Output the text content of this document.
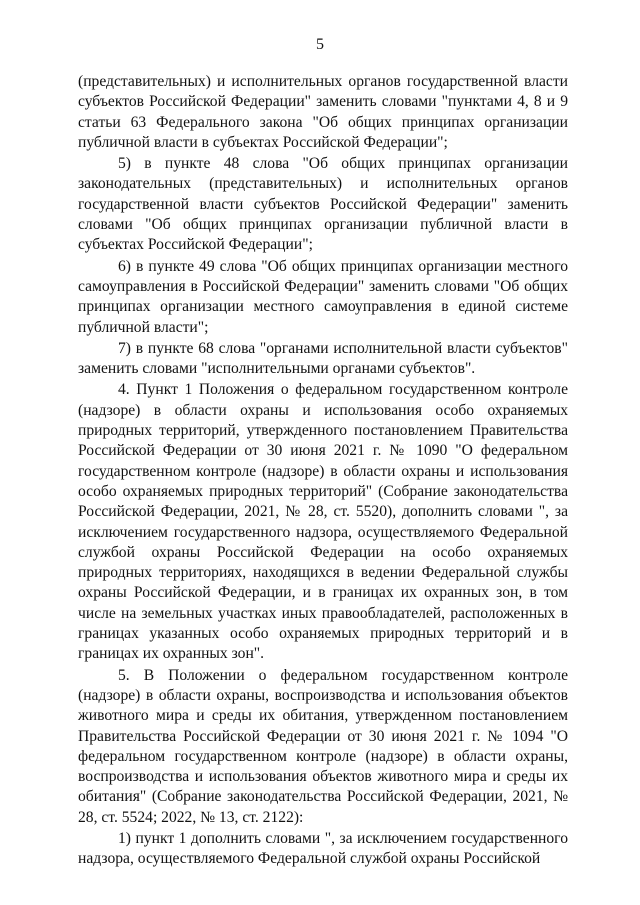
5

(представительных) и исполнительных органов государственной власти субъектов Российской Федерации" заменить словами "пунктами 4, 8 и 9 статьи 63 Федерального закона "Об общих принципах организации публичной власти в субъектах Российской Федерации";

5) в пункте 48 слова "Об общих принципах организации законодательных (представительных) и исполнительных органов государственной власти субъектов Российской Федерации" заменить словами "Об общих принципах организации публичной власти в субъектах Российской Федерации";

6) в пункте 49 слова "Об общих принципах организации местного самоуправления в Российской Федерации" заменить словами "Об общих принципах организации местного самоуправления в единой системе публичной власти";

7) в пункте 68 слова "органами исполнительной власти субъектов" заменить словами "исполнительными органами субъектов".

4. Пункт 1 Положения о федеральном государственном контроле (надзоре) в области охраны и использования особо охраняемых природных территорий, утвержденного постановлением Правительства Российской Федерации от 30 июня 2021 г. № 1090 "О федеральном государственном контроле (надзоре) в области охраны и использования особо охраняемых природных территорий" (Собрание законодательства Российской Федерации, 2021, № 28, ст. 5520), дополнить словами ", за исключением государственного надзора, осуществляемого Федеральной службой охраны Российской Федерации на особо охраняемых природных территориях, находящихся в ведении Федеральной службы охраны Российской Федерации, и в границах их охранных зон, в том числе на земельных участках иных правообладателей, расположенных в границах указанных особо охраняемых природных территорий и в границах их охранных зон".

5. В Положении о федеральном государственном контроле (надзоре) в области охраны, воспроизводства и использования объектов животного мира и среды их обитания, утвержденном постановлением Правительства Российской Федерации от 30 июня 2021 г. № 1094 "О федеральном государственном контроле (надзоре) в области охраны, воспроизводства и использования объектов животного мира и среды их обитания" (Собрание законодательства Российской Федерации, 2021, № 28, ст. 5524; 2022, № 13, ст. 2122):

1) пункт 1 дополнить словами ", за исключением государственного надзора, осуществляемого Федеральной службой охраны Российской
